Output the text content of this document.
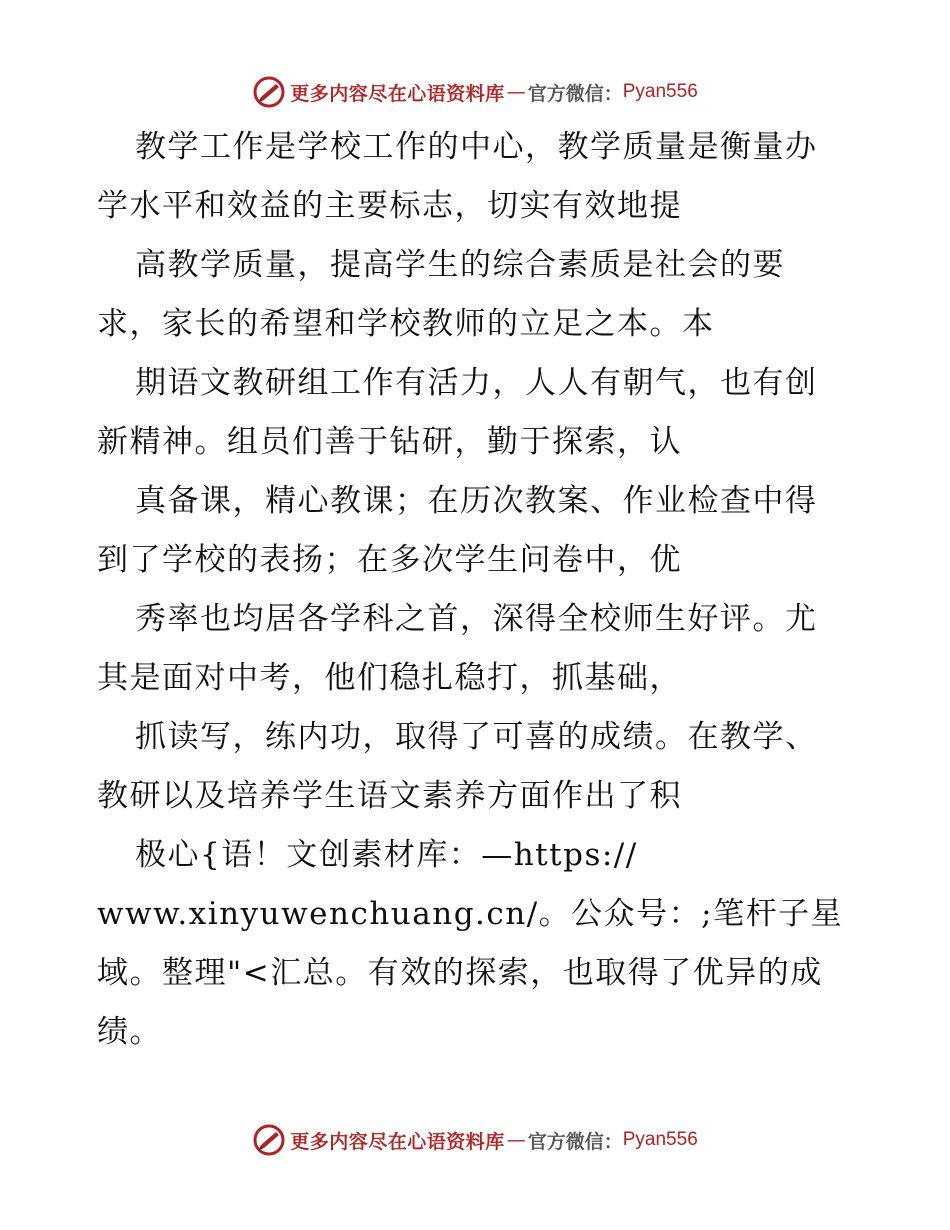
更多内容尽在心语资料库 — 官方微信： Pyan556
教学工作是学校工作的中心，教学质量是衡量办
学水平和效益的主要标志，切实有效地提
高教学质量，提高学生的综合素质是社会的要
求，家长的希望和学校教师的立足之本。本
期语文教研组工作有活力，人人有朝气，也有创
新精神。组员们善于钻研，勤于探索，认
真备课，精心教课；在历次教案、作业检查中得
到了学校的表扬；在多次学生问卷中，优
秀率也均居各学科之首，深得全校师生好评。尤
其是面对中考，他们稳扎稳打，抓基础，
抓读写，练内功，取得了可喜的成绩。在教学、
教研以及培养学生语文素养方面作出了积
极心{语！文创素材库：—https://
www.xinyuwenchuang.cn/。公众号：;笔杆子星
域。整理"<汇总。有效的探索，也取得了优异的成
绩。
更多内容尽在心语资料库 — 官方微信： Pyan556
